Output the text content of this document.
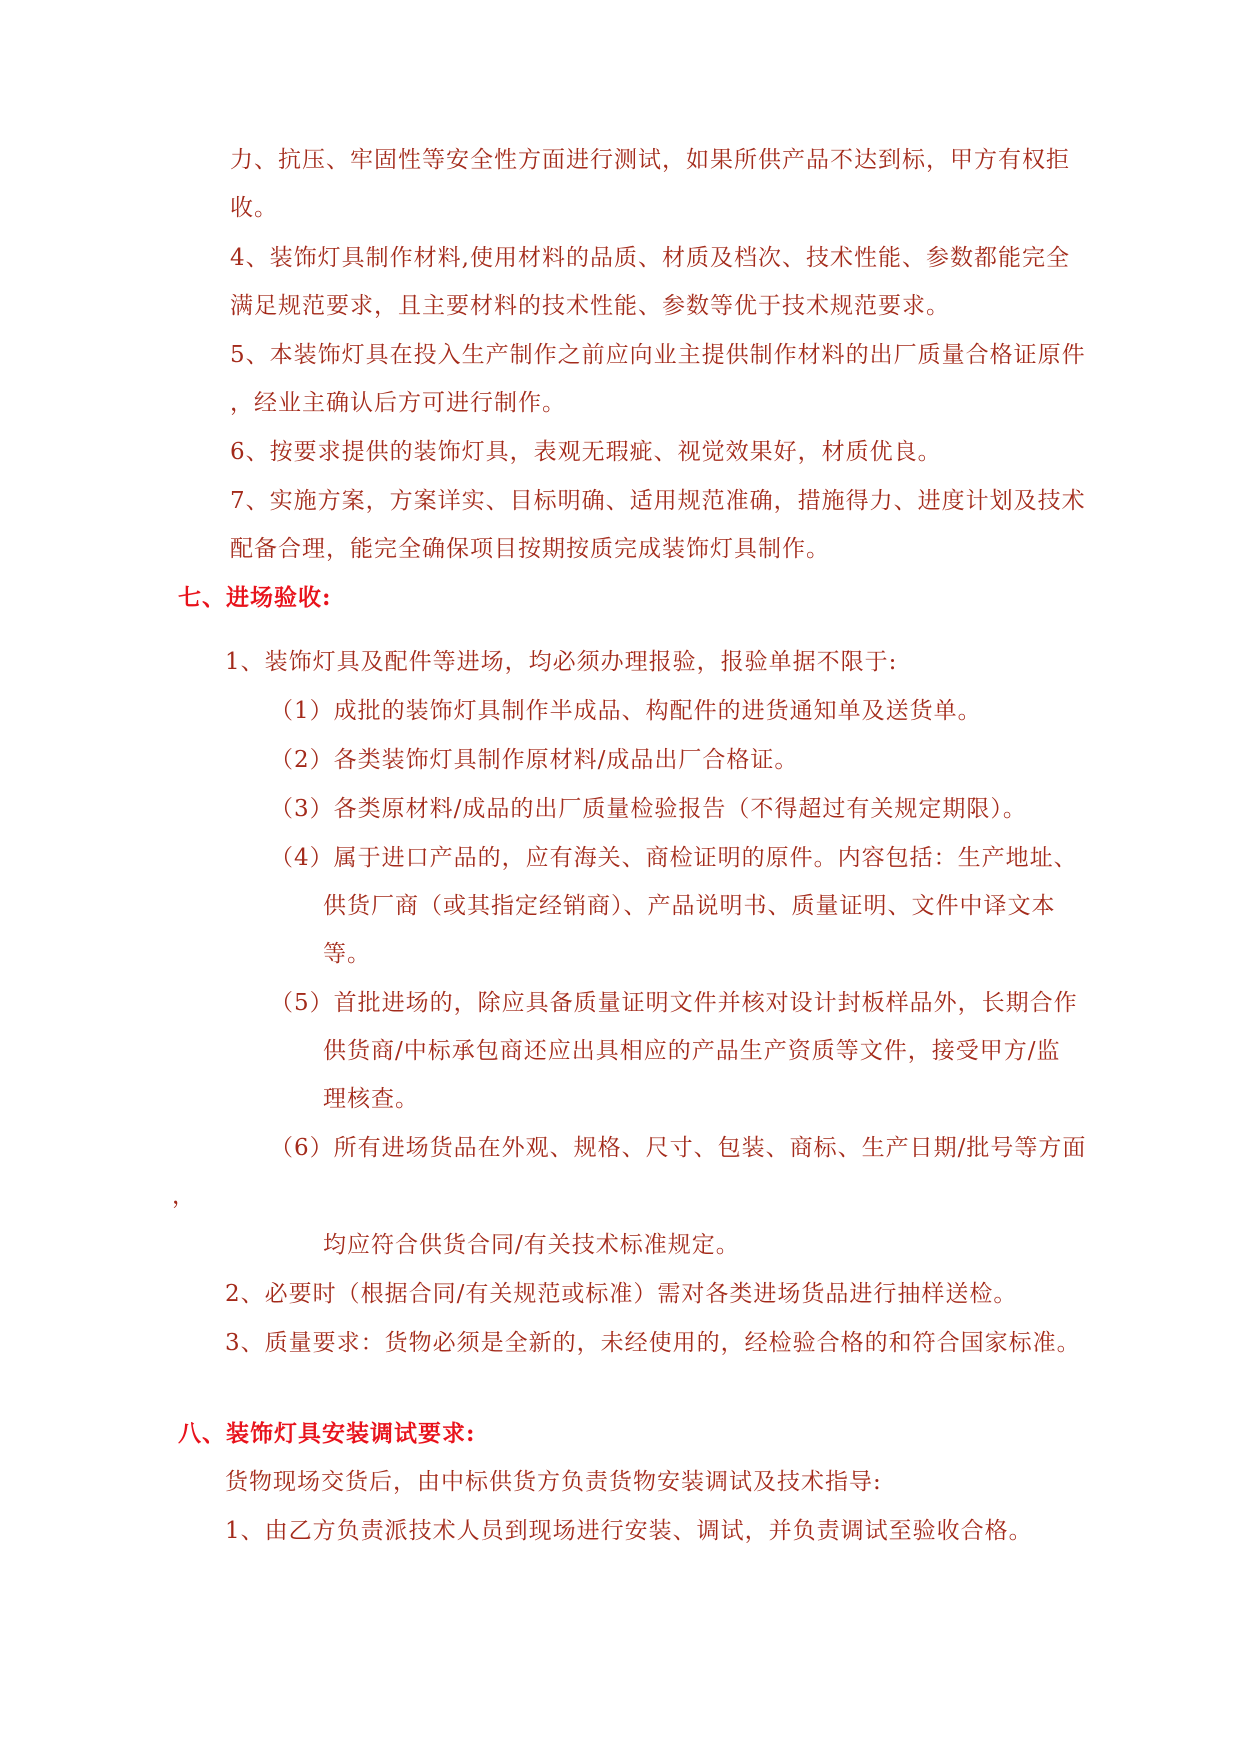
力、抗压、牢固性等安全性方面进行测试，如果所供产品不达到标，甲方有权拒
收。
4、装饰灯具制作材料,使用材料的品质、材质及档次、技术性能、参数都能完全
满足规范要求，且主要材料的技术性能、参数等优于技术规范要求。
5、本装饰灯具在投入生产制作之前应向业主提供制作材料的出厂质量合格证原件
，经业主确认后方可进行制作。
6、按要求提供的装饰灯具，表观无瑕疵、视觉效果好，材质优良。
7、实施方案，方案详实、目标明确、适用规范准确，措施得力、进度计划及技术
配备合理，能完全确保项目按期按质完成装饰灯具制作。
七、进场验收:
1、装饰灯具及配件等进场，均必须办理报验，报验单据不限于:
（1）成批的装饰灯具制作半成品、构配件的进货通知单及送货单。
（2）各类装饰灯具制作原材料/成品出厂合格证。
（3）各类原材料/成品的出厂质量检验报告（不得超过有关规定期限）。
（4）属于进口产品的，应有海关、商检证明的原件。内容包括：生产地址、
供货厂商（或其指定经销商）、产品说明书、质量证明、文件中译文本
等。
（5）首批进场的，除应具备质量证明文件并核对设计封板样品外，长期合作
供货商/中标承包商还应出具相应的产品生产资质等文件，接受甲方/监
理核查。
（6）所有进场货品在外观、规格、尺寸、包装、商标、生产日期/批号等方面
，
均应符合供货合同/有关技术标准规定。
2、必要时（根据合同/有关规范或标准）需对各类进场货品进行抽样送检。
3、质量要求：货物必须是全新的，未经使用的，经检验合格的和符合国家标准。
八、装饰灯具安装调试要求:
货物现场交货后，由中标供货方负责货物安装调试及技术指导:
1、由乙方负责派技术人员到现场进行安装、调试，并负责调试至验收合格。
